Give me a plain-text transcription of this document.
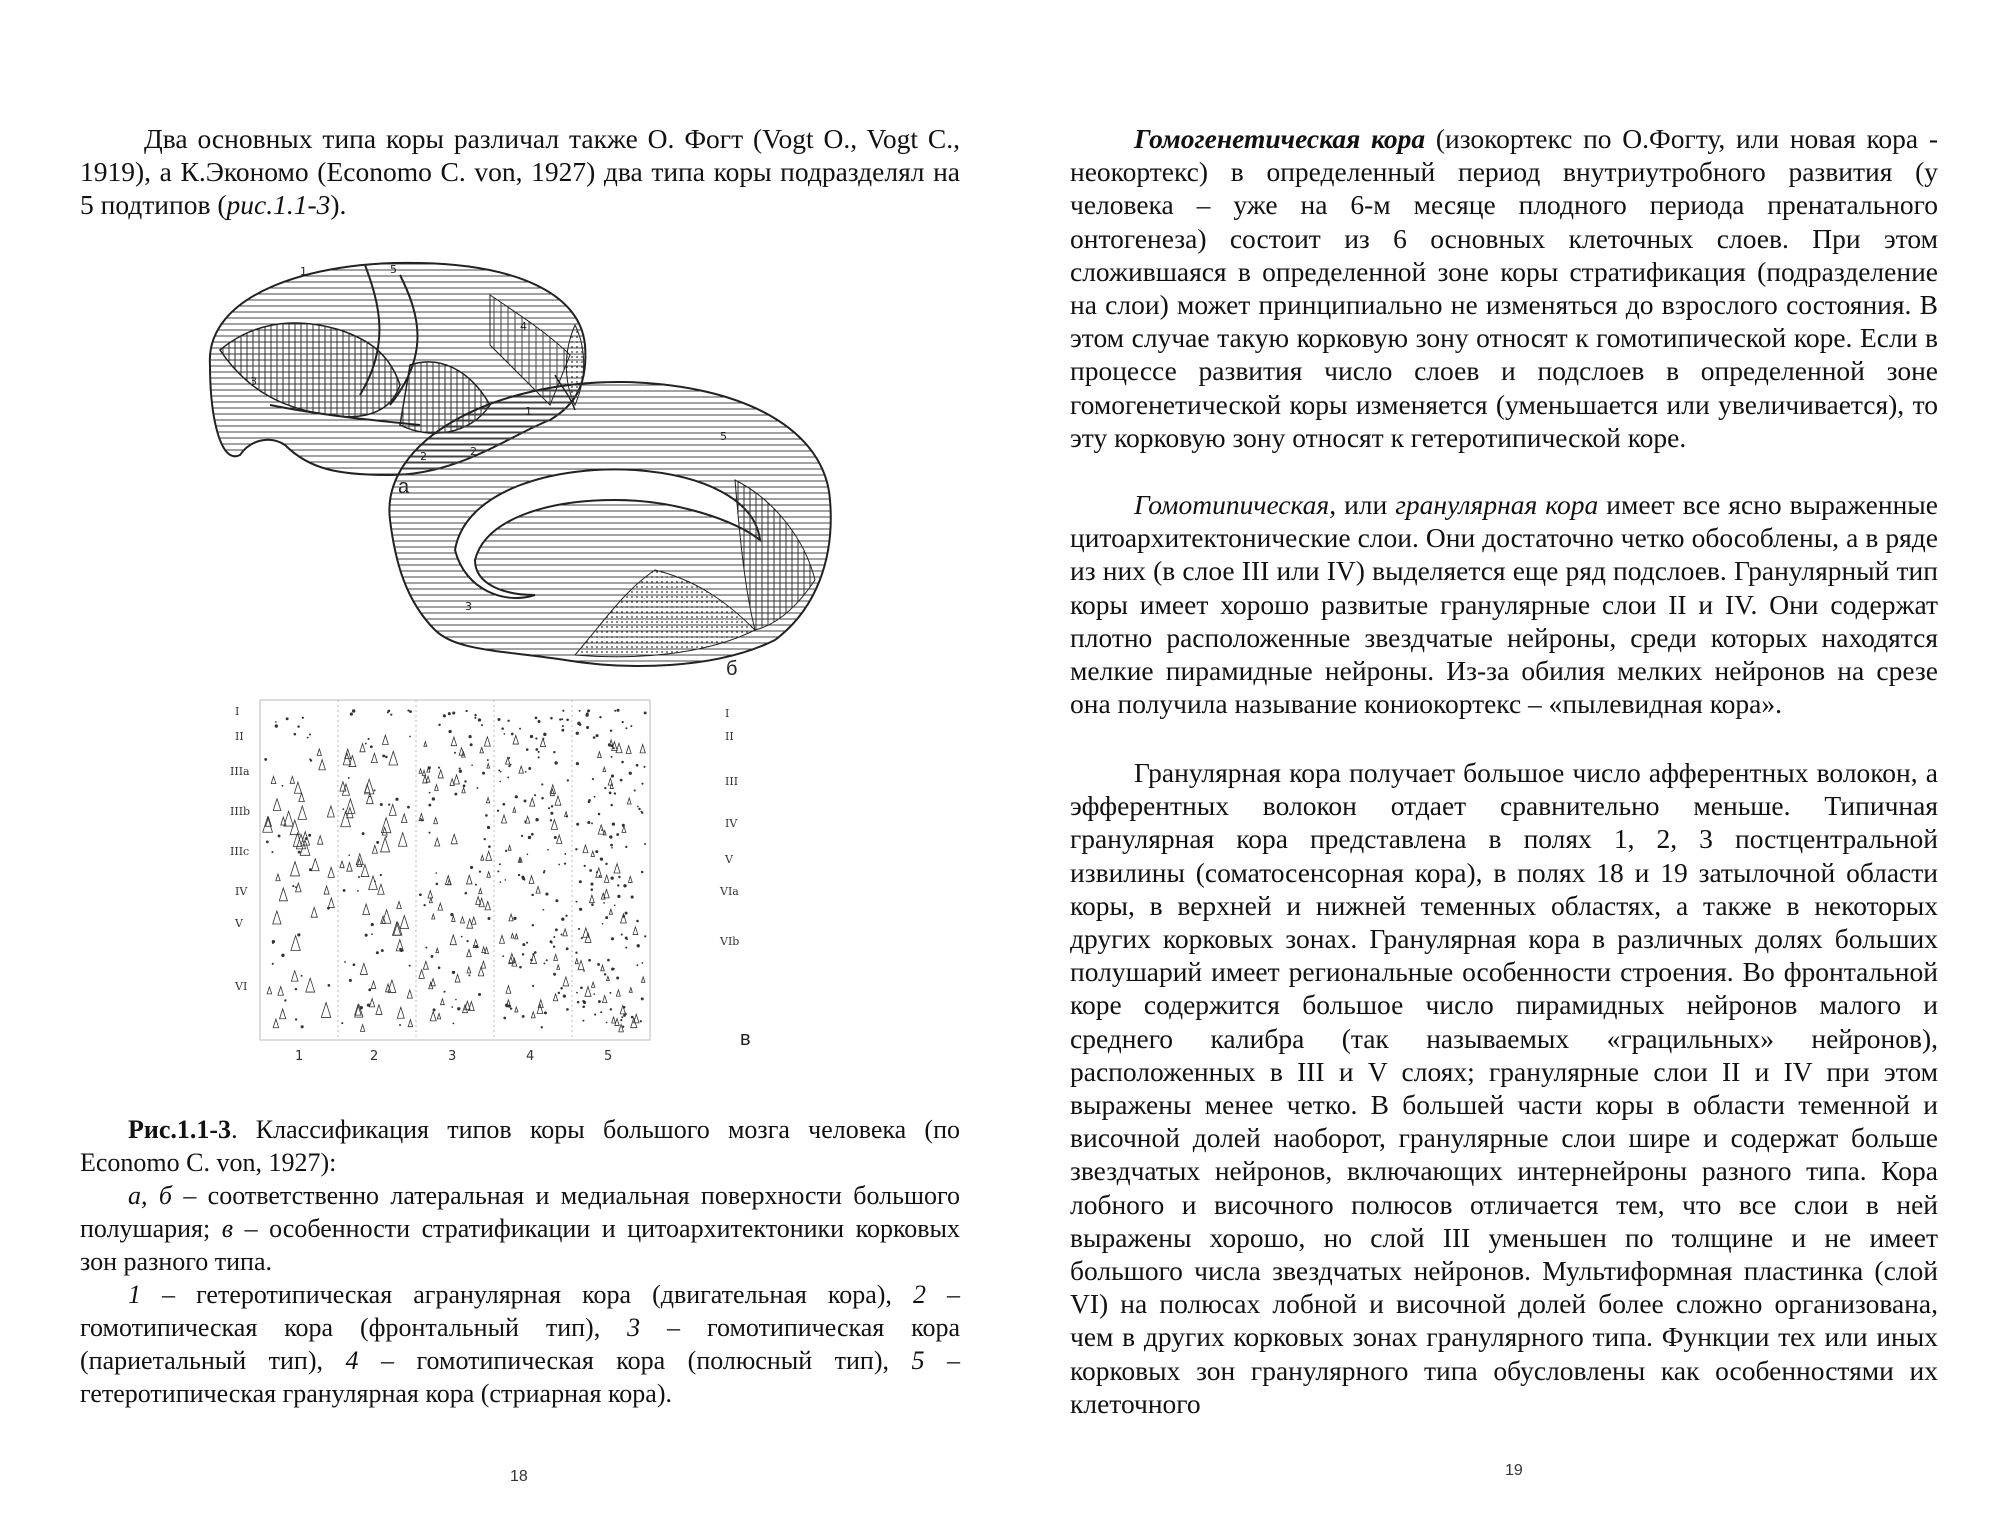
Два основных типа коры различал также О. Фогт (Vogt O., Vogt C., 1919), а К.Экономо (Economo C. von, 1927) два типа коры подразделял на 5 подтипов (рис.1.1-3).

1
3
4
5
1
2
5
3
б
I
II
IIIa
IIIb
IIIc
IV
V
VI
I
II
III
IV
V
VIa
VIb
1	2	3	4	5
в
Рис.1.1-3. Классификация типов коры большого мозга человека (по Economo C. von, 1927):
а, б – соответственно латеральная и медиальная поверхности большого полушария; в – особенности стратификации и цитоархитектоники корковых зон разного типа.
1 – гетеротипическая агранулярная кора (двигательная кора), 2 – гомотипическая кора (фронтальный тип), 3 – гомотипическая кора (париетальный тип), 4 – гомотипическая кора (полюсный тип), 5 – гетеротипическая гранулярная кора (стриарная кора).
18

Гомогенетическая кора (изокортекс по О.Фогту, или новая кора - неокортекс) в определенный период внутриутробного развития (у человека – уже на 6-м месяце плодного периода пренатального онтогенеза) состоит из 6 основных клеточных слоев. При этом сложившаяся в определенной зоне коры стратификация (подразделение на слои) может принципиально не изменяться до взрослого состояния. В этом случае такую корковую зону относят к гомотипической коре. Если в процессе развития число слоев и подслоев в определенной зоне гомогенетической коры изменяется (уменьшается или увеличивается), то эту корковую зону относят к гетеротипической коре.

Гомотипическая, или гранулярная кора имеет все ясно выраженные цитоархитектонические слои. Они достаточно четко обособлены, а в ряде из них (в слое III или IV) выделяется еще ряд подслоев. Гранулярный тип коры имеет хорошо развитые гранулярные слои II и IV. Они содержат плотно расположенные звездчатые нейроны, среди которых находятся мелкие пирамидные нейроны. Из-за обилия мелких нейронов на срезе она получила называние кониокортекс – «пылевидная кора».

Гранулярная кора получает большое число афферентных волокон, а эфферентных волокон отдает сравнительно меньше. Типичная гранулярная кора представлена в полях 1, 2, 3 постцентральной извилины (соматосенсорная кора), в полях 18 и 19 затылочной области коры, в верхней и нижней теменных областях, а также в некоторых других корковых зонах. Гранулярная кора в различных долях больших полушарий имеет региональные особенности строения. Во фронтальной коре содержится большое число пирамидных нейронов малого и среднего калибра (так называемых «грацильных» нейронов), расположенных в III и V слоях; гранулярные слои II и IV при этом выражены менее четко. В большей части коры в области теменной и височной долей наоборот, гранулярные слои шире и содержат больше звездчатых нейронов, включающих интернейроны разного типа. Кора лобного и височного полюсов отличается тем, что все слои в ней выражены хорошо, но слой III уменьшен по толщине и не имеет большого числа звездчатых нейронов. Мультиформная пластинка (слой VI) на полюсах лобной и височной долей более сложно организована, чем в других корковых зонах гранулярного типа. Функции тех или иных корковых зон гранулярного типа обусловлены как особенностями их клеточного

19
